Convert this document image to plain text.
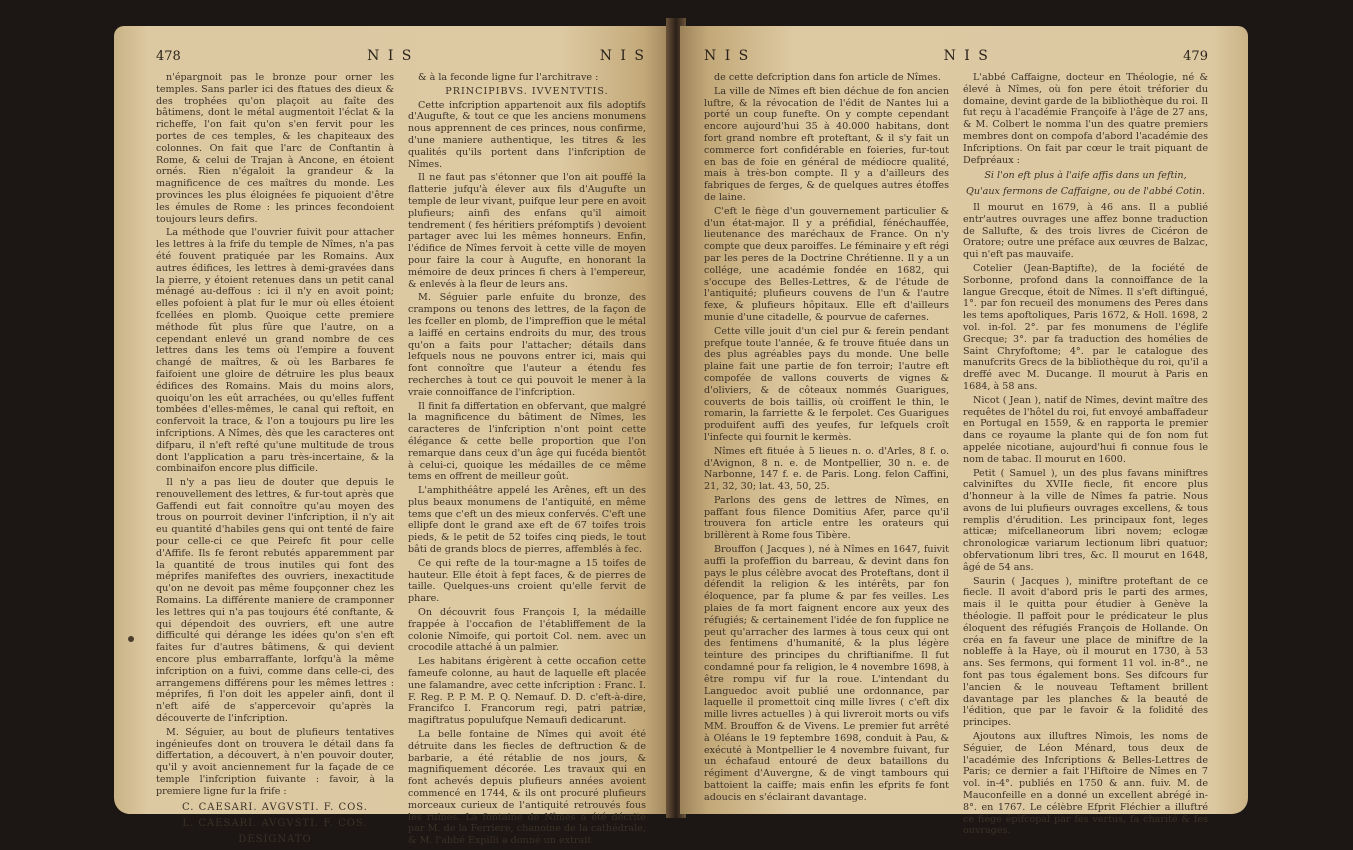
478	N I S	N I S

n'épargnoit pas le bronze pour orner les temples. Sans parler ici des ftatues des dieux & des trophées qu'on plaçoit au faîte des bâtimens, dont le métal augmentoit l'éclat & la richeffe, l'on fait qu'on s'en fervit pour les portes de ces temples, & les chapiteaux des colonnes. On fait que l'arc de Conftantin à Rome, & celui de Trajan à Ancone, en étoient ornés. Rien n'égaloit la grandeur & la magnificence de ces maîtres du monde. Les provinces les plus éloignées fe piquoient d'être les émules de Rome : les princes fecondoient toujours leurs defirs.

La méthode que l'ouvrier fuivit pour attacher les lettres à la frife du temple de Nîmes, n'a pas été fouvent pratiquée par les Romains. Aux autres édifices, les lettres à demi-gravées dans la pierre, y étoient retenues dans un petit canal ménagé au-deffous : ici il n'y en avoit point; elles pofoient à plat fur le mur où elles étoient fcellées en plomb. Quoique cette premiere méthode fût plus fûre que l'autre, on a cependant enlevé un grand nombre de ces lettres dans les tems où l'empire a fouvent changé de maîtres, & où les Barbares fe faifoient une gloire de détruire les plus beaux édifices des Romains. Mais du moins alors, quoiqu'on les eût arrachées, ou qu'elles fuffent tombées d'elles-mêmes, le canal qui reftoit, en confervoit la trace, & l'on a toujours pu lire les infcriptions. A Nîmes, dès que les caracteres ont difparu, il n'eft refté qu'une multitude de trous dont l'application a paru très-incertaine, & la combinaifon encore plus difficile.

Il n'y a pas lieu de douter que depuis le renouvellement des lettres, & fur-tout après que Gaffendi eut fait connoître qu'au moyen des trous on pourroit deviner l'infcription, il n'y ait eu quantité d'habiles gens qui ont tenté de faire pour celle-ci ce que Peirefc fit pour celle d'Affife. Ils fe feront rebutés apparemment par la quantité de trous inutiles qui font des méprifes manifeftes des ouvriers, inexactitude qu'on ne devoit pas même foupçonner chez les Romains. La différente maniere de cramponner les lettres qui n'a pas toujours été conftante, & qui dépendoit des ouvriers, eft une autre difficulté qui dérange les idées qu'on s'en eft faites fur d'autres bâtimens, & qui devient encore plus embarraffante, lorfqu'à la même infcription on a fuivi, comme dans celle-ci, des arrangemens différens pour les mêmes lettres : méprifes, fi l'on doit les appeler ainfi, dont il n'eft aifé de s'appercevoir qu'après la découverte de l'infcription.

M. Séguier, au bout de plufieurs tentatives ingénieufes dont on trouvera le détail dans fa differtation, a découvert, à n'en pouvoir douter, qu'il y avoit anciennement fur la façade de ce temple l'infcription fuivante : favoir, à la premiere ligne fur la frife :

C. CAESARI. AVGVSTI. F. COS.
L. CAESARI. AVGVSTI. F. COS.
DESIGNATO

& à la feconde ligne fur l'architrave :

PRINCIPIBVS. IVVENTVTIS.

Cette infcription appartenoit aux fils adoptifs d'Augufte, & tout ce que les anciens monumens nous apprennent de ces princes, nous confirme, d'une maniere authentique, les titres & les qualités qu'ils portent dans l'infcription de Nîmes.

Il ne faut pas s'étonner que l'on ait pouffé la flatterie jufqu'à élever aux fils d'Augufte un temple de leur vivant, puifque leur pere en avoit plufieurs; ainfi des enfans qu'il aimoit tendrement ( fes héritiers préfomptifs ) devoient partager avec lui les mêmes honneurs. Enfin, l'édifice de Nîmes fervoit à cette ville de moyen pour faire la cour à Augufte, en honorant la mémoire de deux princes fi chers à l'empereur, & enlevés à la fleur de leurs ans.

M. Séguier parle enfuite du bronze, des crampons ou tenons des lettres, de la façon de les fceller en plomb, de l'impreffion que le métal a laiffé en certains endroits du mur, des trous qu'on a faits pour l'attacher; détails dans lefquels nous ne pouvons entrer ici, mais qui font connoître que l'auteur a étendu fes recherches à tout ce qui pouvoit le mener à la vraie connoiffance de l'infcription.

Il finit fa differtation en obfervant, que malgré la magnificence du bâtiment de Nîmes, les caracteres de l'infcription n'ont point cette élégance & cette belle proportion que l'on remarque dans ceux d'un âge qui fucéda bientôt à celui-ci, quoique les médailles de ce même tems en offrent de meilleur goût.

L'amphithéâtre appelé les Arênes, eft un des plus beaux monumens de l'antiquité, en même tems que c'eft un des mieux confervés. C'eft une ellipfe dont le grand axe eft de 67 toifes trois pieds, & le petit de 52 toifes cinq pieds, le tout bâti de grands blocs de pierres, affemblés à fec.

Ce qui refte de la tour-magne a 15 toifes de hauteur. Elle étoit à fept faces, & de pierres de taille. Quelques-uns croient qu'elle fervit de phare.

On découvrit fous François I, la médaille frappée à l'occafion de l'établiffement de la colonie Nîmoife, qui portoit Col. nem. avec un crocodile attaché à un palmier.

Les habitans érigèrent à cette occafion cette fameufe colonne, au haut de laquelle eft placée une falamandre, avec cette infcription : Franc. I. F. Reg. P. P. M. P. Q. Nemauf. D. D. c'eft-à-dire, Francifco I. Francorum regi, patri patriæ, magiftratus populufque Nemaufi dedicarunt.

La belle fontaine de Nîmes qui avoit été détruite dans les fiecles de deftruction & de barbarie, a été rétablie de nos jours, & magnifiquement décorée. Les travaux qui en font achevés depuis plufieurs années avoient commencé en 1744, & ils ont procuré plufieurs morceaux curieux de l'antiquité retrouvés fous les ruines. La fontaine de Nîmes a été décrite par M. de la Ferriere, chanoine de la cathédrale, & M. l'abbé Expilli a donné un extrait

N I S	N I S	479

de cette defcription dans fon article de Nîmes.

La ville de Nîmes eft bien déchue de fon ancien luftre, & la révocation de l'édit de Nantes lui a porté un coup funefte. On y compte cependant encore aujourd'hui 35 à 40.000 habitans, dont fort grand nombre eft proteftant, & il s'y fait un commerce fort confidérable en foieries, fur-tout en bas de foie en général de médiocre qualité, mais à très-bon compte. Il y a d'ailleurs des fabriques de ferges, & de quelques autres étoffes de laine.

C'eft le fiège d'un gouvernement particulier & d'un état-major. Il y a préfidial, fénéchauffée, lieutenance des maréchaux de France. On n'y compte que deux paroiffes. Le féminaire y eft régi par les peres de la Doctrine Chrétienne. Il y a un collége, une académie fondée en 1682, qui s'occupe des Belles-Lettres, & de l'étude de l'antiquité; plufieurs couvens de l'un & l'autre fexe, & plufieurs hôpitaux. Elle eft d'ailleurs munie d'une citadelle, & pourvue de cafernes.

Cette ville jouit d'un ciel pur & ferein pendant prefque toute l'année, & fe trouve fituée dans un des plus agréables pays du monde. Une belle plaine fait une partie de fon terroir; l'autre eft compofée de vallons couverts de vignes & d'oliviers, & de côteaux nommés Guarigues, couverts de bois taillis, où croiffent le thin, le romarin, la farriette & le ferpolet. Ces Guarigues produifent auffi des yeufes, fur lefquels croît l'infecte qui fournit le kermès.

Nîmes eft fituée à 5 lieues n. o. d'Arles, 8 f. o. d'Avignon, 8 n. e. de Montpellier, 30 n. e. de Narbonne, 147 f. e. de Paris. Long. felon Caffini, 21, 32, 30; lat. 43, 50, 25.

Parlons des gens de lettres de Nîmes, en paffant fous filence Domitius Afer, parce qu'il trouvera fon article entre les orateurs qui brillèrent à Rome fous Tibère.

Brouffon ( Jacques ), né à Nîmes en 1647, fuivit auffi la profeffion du barreau, & devint dans fon pays le plus célèbre avocat des Proteftans, dont il défendit la religion & les intérêts, par fon éloquence, par fa plume & par fes veilles. Les plaies de fa mort faignent encore aux yeux des réfugiés; & certainement l'idée de fon fupplice ne peut qu'arracher des larmes à tous ceux qui ont des fentimens d'humanité, & la plus légère teinture des principes du chriftianifme. Il fut condamné pour fa religion, le 4 novembre 1698, à être rompu vif fur la roue. L'intendant du Languedoc avoit publié une ordonnance, par laquelle il promettoit cinq mille livres ( c'eft dix mille livres actuelles ) à qui livreroit morts ou vifs MM. Brouffon & de Vivens. Le premier fut arrêté à Oléans le 19 feptembre 1698, conduit à Pau, & exécuté à Montpellier le 4 novembre fuivant, fur un échafaud entouré de deux bataillons du régiment d'Auvergne, & de vingt tambours qui battoient la caiffe; mais enfin les efprits fe font adoucis en s'éclairant davantage.

L'abbé Caffaigne, docteur en Théologie, né & élevé à Nîmes, où fon pere étoit tréforier du domaine, devint garde de la bibliothèque du roi. Il fut reçu à l'académie Françoife à l'âge de 27 ans, & M. Colbert le nomma l'un des quatre premiers membres dont on compofa d'abord l'académie des Infcriptions. On fait par cœur le trait piquant de Defpréaux :

Si l'on eft plus à l'aife affis dans un feftin,
Qu'aux fermons de Caffaigne, ou de l'abbé Cotin.

Il mourut en 1679, à 46 ans. Il a publié entr'autres ouvrages une affez bonne traduction de Sallufte, & des trois livres de Cicéron de Oratore; outre une préface aux œuvres de Balzac, qui n'eft pas mauvaife.

Cotelier (Jean-Baptifte), de la fociété de Sorbonne, profond dans la connoiffance de la langue Grecque, étoit de Nîmes. Il s'eft diftingué, 1°. par fon recueil des monumens des Peres dans les tems apoftoliques, Paris 1672, & Holl. 1698, 2 vol. in-fol. 2°. par fes monumens de l'églife Grecque; 3°. par fa traduction des homélies de Saint Chryfoftome; 4°. par le catalogue des manufcrits Grecs de la bibliothèque du roi, qu'il a dreffé avec M. Ducange. Il mourut à Paris en 1684, à 58 ans.

Nicot ( Jean ), natif de Nîmes, devint maître des requêtes de l'hôtel du roi, fut envoyé ambaffadeur en Portugal en 1559, & en rapporta le premier dans ce royaume la plante qui de fon nom fut appelée nicotiane, aujourd'hui fi connue fous le nom de tabac. Il mourut en 1600.

Petit ( Samuel ), un des plus favans miniftres calviniftes du XVIIe fiecle, fit encore plus d'honneur à la ville de Nîmes fa patrie. Nous avons de lui plufieurs ouvrages excellens, & tous remplis d'érudition. Les principaux font, leges atticæ; mifcellaneorum libri novem; eclogæ chronologicæ variarum lectionum libri quatuor; obfervationum libri tres, &c. Il mourut en 1648, âgé de 54 ans.

Saurin ( Jacques ), miniftre proteftant de ce fiecle. Il avoit d'abord pris le parti des armes, mais il le quitta pour étudier à Genève la théologie. Il paffoit pour le prédicateur le plus éloquent des réfugiés François de Hollande. On créa en fa faveur une place de miniftre de la nobleffe à la Haye, où il mourut en 1730, à 53 ans. Ses fermons, qui forment 11 vol. in-8°., ne font pas tous également bons. Ses difcours fur l'ancien & le nouveau Teftament brillent davantage par les planches & la beauté de l'édition, que par le favoir & la folidité des principes.

Ajoutons aux illuftres Nîmois, les noms de Séguier, de Léon Ménard, tous deux de l'académie des Infcriptions & Belles-Lettres de Paris; ce dernier a fait l'Hiftoire de Nîmes en 7 vol. in-4°. publiés en 1750 & ann. fuiv. M. de Mauconfeille en a donné un excellent abrégé in-8°. en 1767. Le célèbre Efprit Fléchier a illuftré ce fiège épifcopal par fes vertus, fa charité & fes ouvrages.
